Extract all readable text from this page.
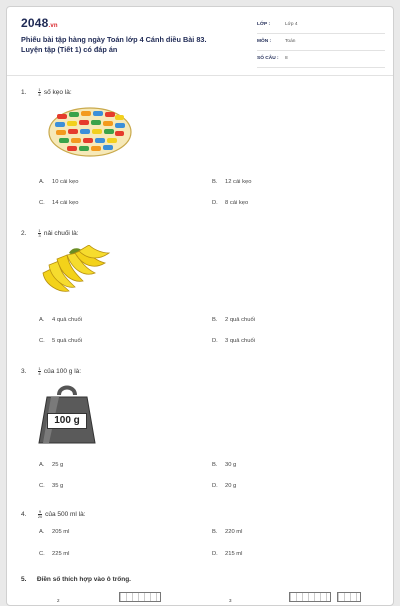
2048.vn
Phiếu bài tập hàng ngày Toán lớp 4 Cánh diều Bài 83.
Luyện tập (Tiết 1) có đáp án
LỚP :	Lớp 4
MÔN :	Toán
SỐ CÂU : 8
1.	$\frac{1}{4}$ số kẹo là:
A. 10 cái kẹo	B. 12 cái kẹo
C. 14 cái kẹo	D. 8 cái kẹo
2.	$\frac{1}{3}$ nải chuối là:
A. 4 quả chuối	B. 2 quả chuối
C. 5 quả chuối	D. 3 quả chuối
3.	$\frac{1}{4}$ của 100 g là:
100 g
A. 25 g	B. 30 g
C. 35 g	D. 20 g
4.	$\frac{9}{20}$ của 500 ml là:
A. 205 ml	B. 220 ml
C. 225 ml	D. 215 ml
5. Điền số thích hợp vào ô trống.
2	3
